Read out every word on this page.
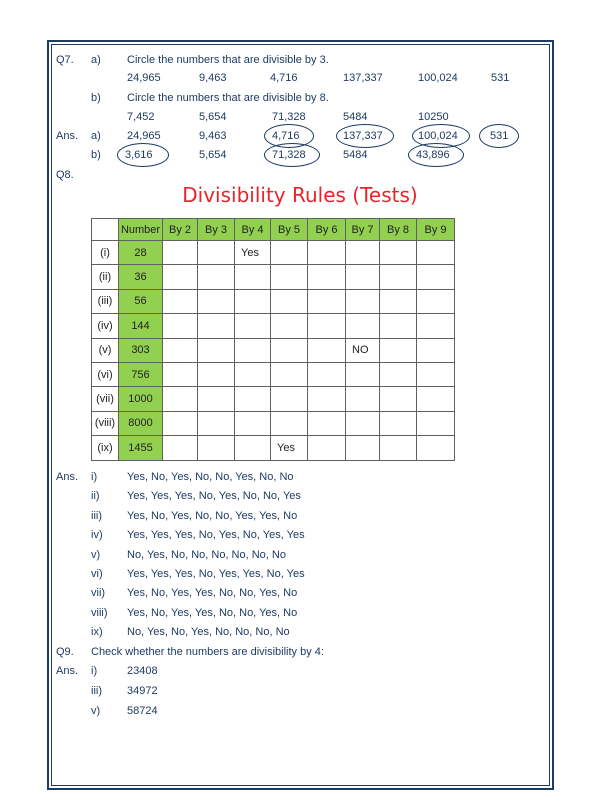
Q7. a) Circle the numbers that are divisible by 3.
24,965	9,463	4,716	137,337	100,024	531
b) Circle the numbers that are divisible by 8.
7,452	5,654	71,328	5484	10250
Ans. a) 24,965	9,463	4,716	137,337	100,024	531
b) 3,616	5,654	71,328	5484	43,896
Q8.
Divisibility Rules (Tests)
	Number	By 2	By 3	By 4	By 5	By 6	By 7	By 8	By 9
(i)	28			Yes					

(ii)	36	

(iii)	56	

(iv)	144	

(v)	303						NO		

(vi)	756	

(vii)	1000	

(viii)	8000	

(ix)	1455				Yes				

Ans. i)	Yes, No, Yes, No, No, Yes, No, No
ii) Yes, Yes, Yes, No, Yes, No, No, Yes
iii) Yes, No, Yes, No, No, Yes, Yes, No
iv) Yes, Yes, Yes, No, Yes, No, Yes, Yes
v) No, Yes, No, No, No, No, No, No
vi) Yes, Yes, Yes, No, Yes, Yes, No, Yes
vii) Yes, No, Yes, Yes, No, No, Yes, No
viii) Yes, No, Yes, Yes, No, No, Yes, No
ix) No, Yes, No, Yes, No, No, No, No
Q9. Check whether the numbers are divisibility by 4:
Ans. i)	23408
iii) 34972
v) 58724
